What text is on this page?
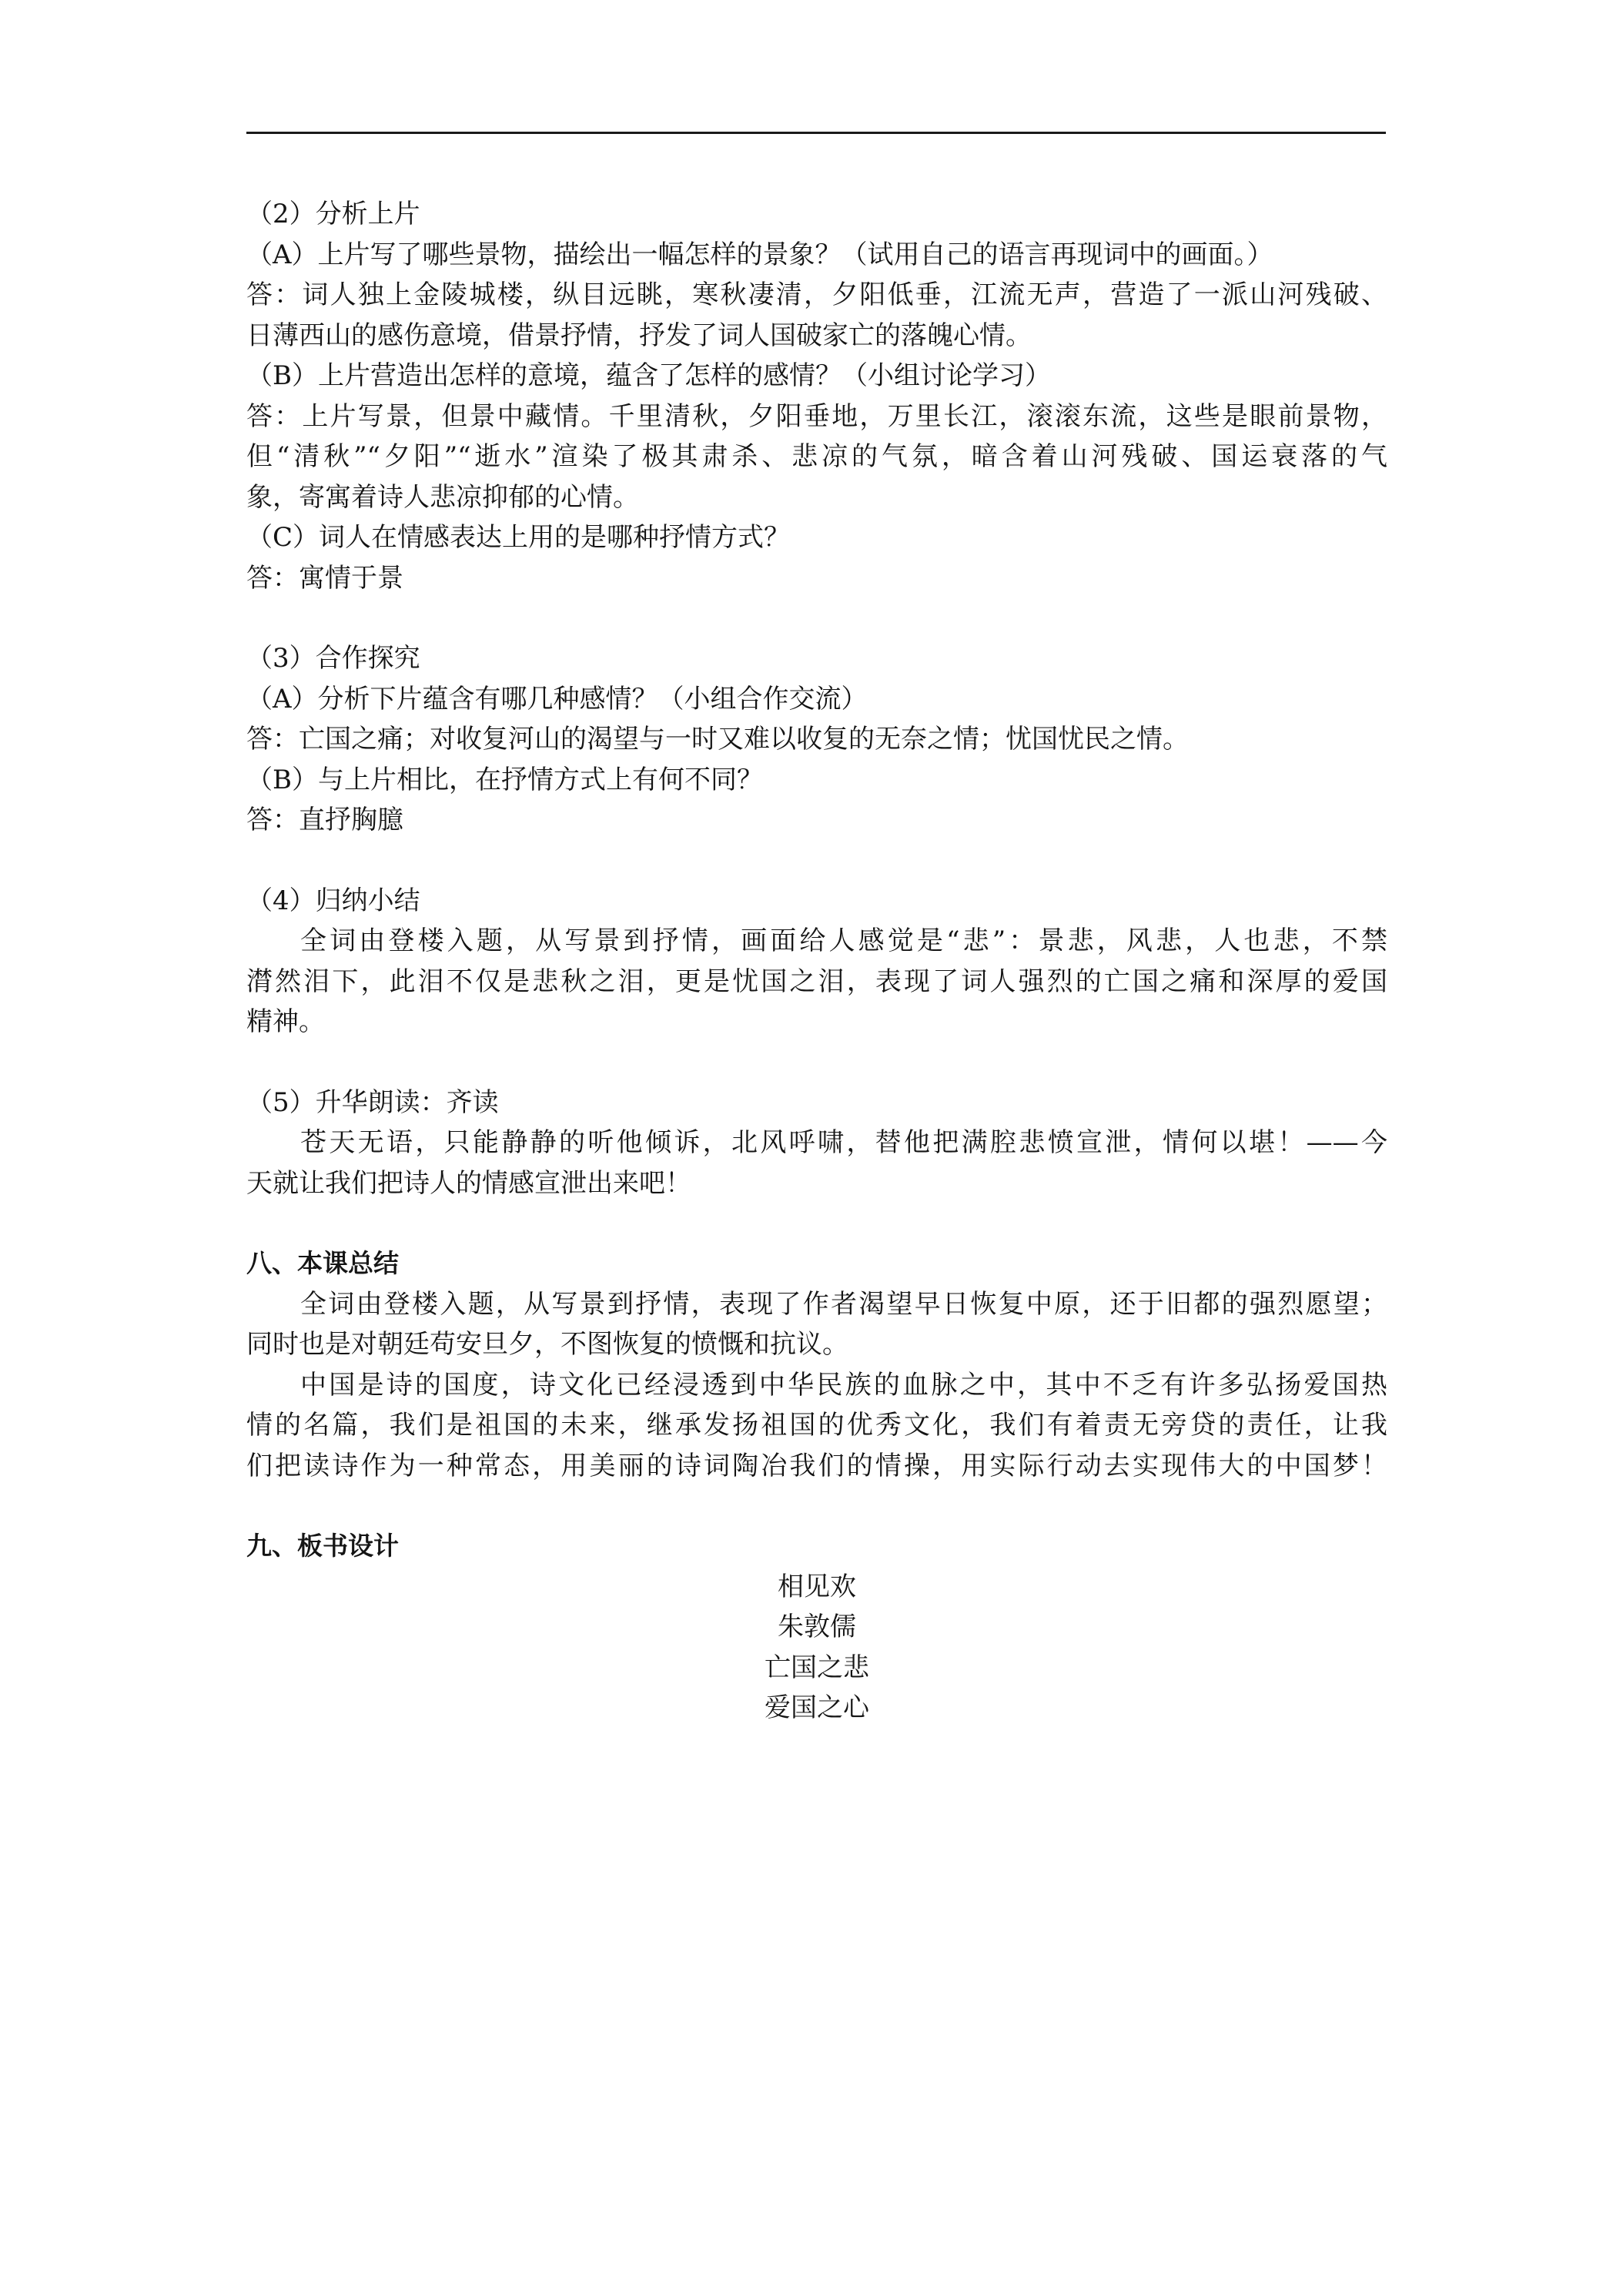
（2）分析上片
（A）上片写了哪些景物，描绘出一幅怎样的景象？（试用自己的语言再现词中的画面。）
答：词人独上金陵城楼，纵目远眺，寒秋凄清，夕阳低垂，江流无声，营造了一派山河残破、
日薄西山的感伤意境，借景抒情，抒发了词人国破家亡的落魄心情。
（B）上片营造出怎样的意境，蕴含了怎样的感情？（小组讨论学习）
答：上片写景，但景中藏情。千里清秋，夕阳垂地，万里长江，滚滚东流，这些是眼前景物，
但“清秋”“夕阳”“逝水”渲染了极其肃杀、悲凉的气氛，暗含着山河残破、国运衰落的气
象，寄寓着诗人悲凉抑郁的心情。
（C）词人在情感表达上用的是哪种抒情方式？
答：寓情于景
（3）合作探究
（A）分析下片蕴含有哪几种感情？（小组合作交流）
答：亡国之痛；对收复河山的渴望与一时又难以收复的无奈之情；忧国忧民之情。
（B）与上片相比，在抒情方式上有何不同？
答：直抒胸臆
（4）归纳小结
全词由登楼入题，从写景到抒情，画面给人感觉是“悲”：景悲，风悲，人也悲，不禁
潸然泪下，此泪不仅是悲秋之泪，更是忧国之泪，表现了词人强烈的亡国之痛和深厚的爱国
精神。
（5）升华朗读：齐读
苍天无语，只能静静的听他倾诉，北风呼啸，替他把满腔悲愤宣泄，情何以堪！——今
天就让我们把诗人的情感宣泄出来吧！
八、本课总结
全词由登楼入题，从写景到抒情，表现了作者渴望早日恢复中原，还于旧都的强烈愿望；
同时也是对朝廷苟安旦夕，不图恢复的愤慨和抗议。
中国是诗的国度，诗文化已经浸透到中华民族的血脉之中，其中不乏有许多弘扬爱国热
情的名篇，我们是祖国的未来，继承发扬祖国的优秀文化，我们有着责无旁贷的责任，让我
们把读诗作为一种常态，用美丽的诗词陶冶我们的情操，用实际行动去实现伟大的中国梦！
九、板书设计
相见欢
朱敦儒
亡国之悲
爱国之心
